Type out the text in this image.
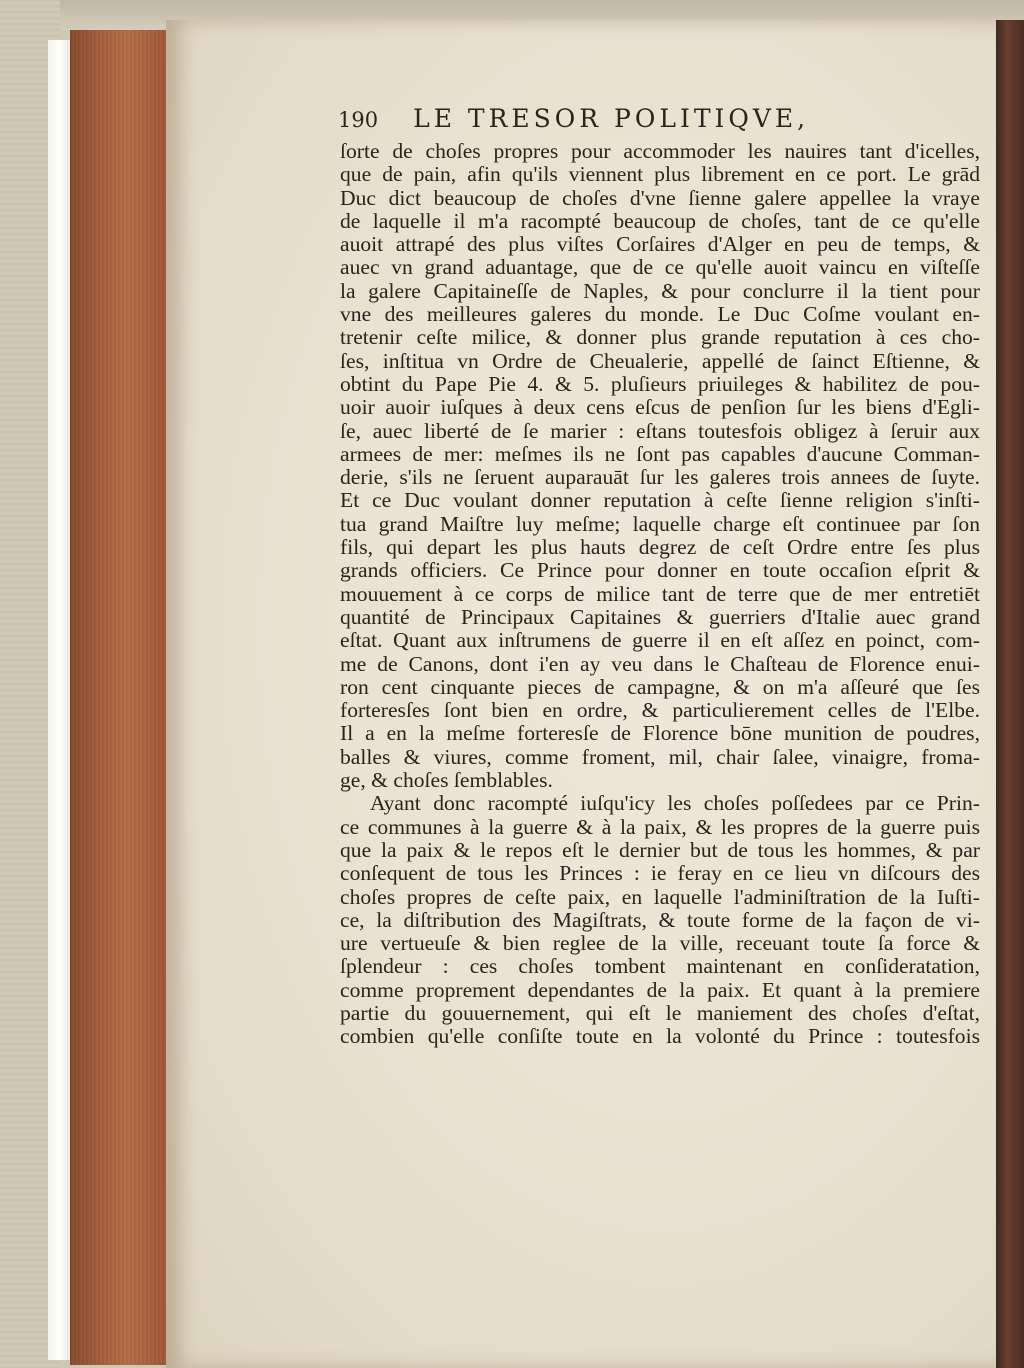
190 LE TRESOR POLITIQVE,
ſorte de choſes propres pour accommoder les nauires tant d'icelles,
que de pain, afin qu'ils viennent plus librement en ce port. Le grād
Duc dict beaucoup de choſes d'vne ſienne galere appellee la vraye
de laquelle il m'a racompté beaucoup de choſes, tant de ce qu'elle
auoit attrapé des plus viſtes Corſaires d'Alger en peu de temps, &
auec vn grand aduantage, que de ce qu'elle auoit vaincu en viſteſſe
la galere Capitaineſſe de Naples, & pour conclurre il la tient pour
vne des meilleures galeres du monde. Le Duc Coſme voulant en-
tretenir ceſte milice, & donner plus grande reputation à ces cho-
ſes, inſtitua vn Ordre de Cheualerie, appellé de ſainct Eſtienne, &
obtint du Pape Pie 4. & 5. pluſieurs priuileges & habilitez de pou-
uoir auoir iuſques à deux cens eſcus de penſion ſur les biens d'Egli-
ſe, auec liberté de ſe marier : eſtans toutesfois obligez à ſeruir aux
armees de mer: meſmes ils ne ſont pas capables d'aucune Comman-
derie, s'ils ne ſeruent auparauāt ſur les galeres trois annees de ſuyte.
Et ce Duc voulant donner reputation à ceſte ſienne religion s'inſti-
tua grand Maiſtre luy meſme; laquelle charge eſt continuee par ſon
fils, qui depart les plus hauts degrez de ceſt Ordre entre ſes plus
grands officiers. Ce Prince pour donner en toute occaſion eſprit &
mouuement à ce corps de milice tant de terre que de mer entretiēt
quantité de Principaux Capitaines & guerriers d'Italie auec grand
eſtat. Quant aux inſtrumens de guerre il en eſt aſſez en poinct, com-
me de Canons, dont i'en ay veu dans le Chaſteau de Florence enui-
ron cent cinquante pieces de campagne, & on m'a aſſeuré que ſes
forteresſes ſont bien en ordre, & particulierement celles de l'Elbe.
Il a en la meſme forteresſe de Florence bōne munition de poudres,
balles & viures, comme froment, mil, chair ſalee, vinaigre, froma-
ge, & choſes ſemblables.
Ayant donc racompté iuſqu'icy les choſes poſſedees par ce Prin-
ce communes à la guerre & à la paix, & les propres de la guerre puis
que la paix & le repos eſt le dernier but de tous les hommes, & par
conſequent de tous les Princes : ie feray en ce lieu vn diſcours des
choſes propres de ceſte paix, en laquelle l'adminiſtration de la Iuſti-
ce, la diſtribution des Magiſtrats, & toute forme de la façon de vi-
ure vertueuſe & bien reglee de la ville, receuant toute ſa force &
ſplendeur : ces choſes tombent maintenant en conſideratation,
comme proprement dependantes de la paix. Et quant à la premiere
partie du gouuernement, qui eſt le maniement des choſes d'eſtat,
combien qu'elle conſiſte toute en la volonté du Prince : toutesfois
